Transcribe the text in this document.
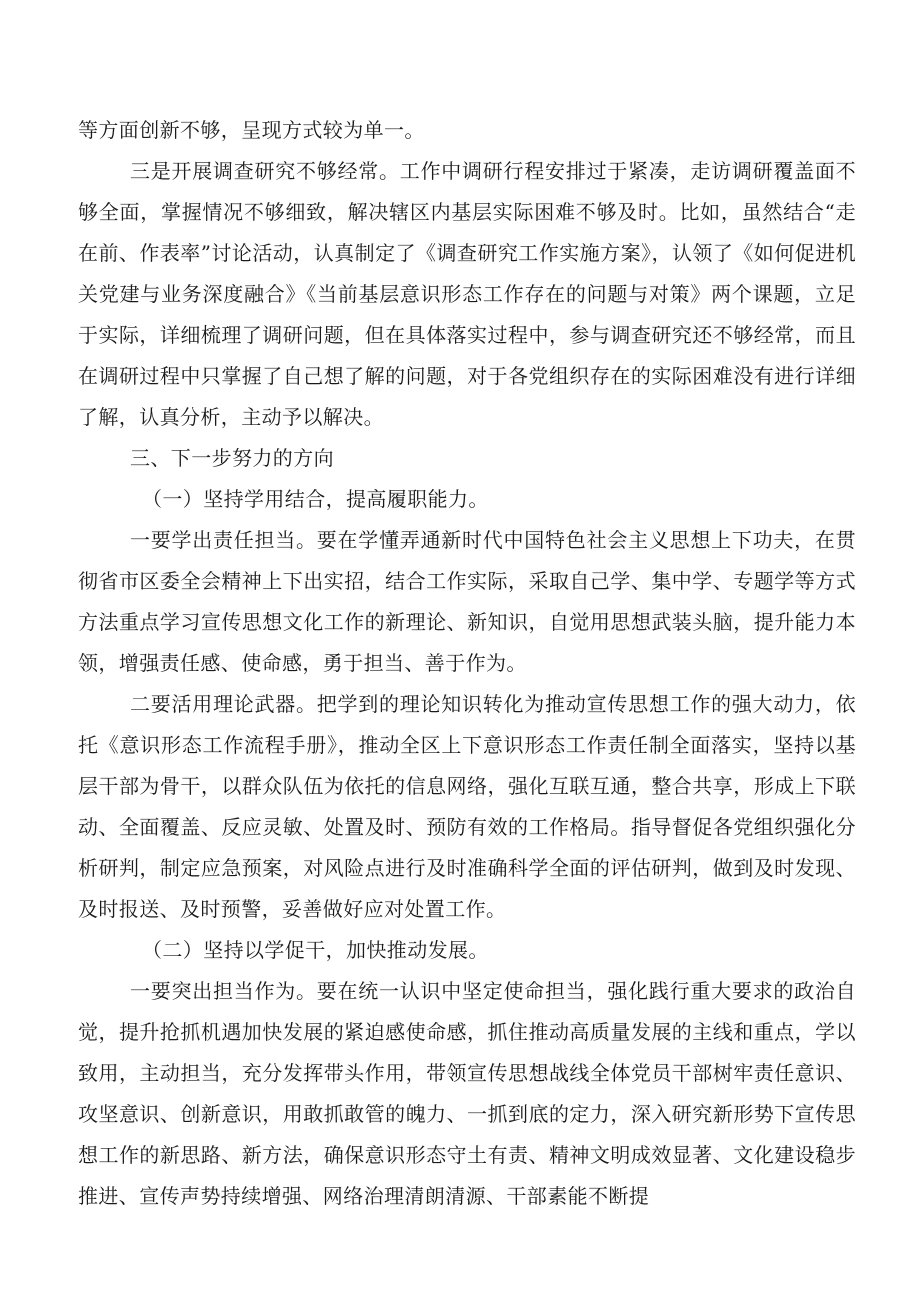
等方面创新不够，呈现方式较为单一。

三是开展调查研究不够经常。工作中调研行程安排过于紧凑，走访调研覆盖面不够全面，掌握情况不够细致，解决辖区内基层实际困难不够及时。比如，虽然结合“走在前、作表率”讨论活动，认真制定了《调查研究工作实施方案》，认领了《如何促进机关党建与业务深度融合》《当前基层意识形态工作存在的问题与对策》两个课题，立足于实际，详细梳理了调研问题，但在具体落实过程中，参与调查研究还不够经常，而且在调研过程中只掌握了自己想了解的问题，对于各党组织存在的实际困难没有进行详细了解，认真分析，主动予以解决。

三、下一步努力的方向

（一）坚持学用结合，提高履职能力。

一要学出责任担当。要在学懂弄通新时代中国特色社会主义思想上下功夫，在贯彻省市区委全会精神上下出实招，结合工作实际，采取自己学、集中学、专题学等方式方法重点学习宣传思想文化工作的新理论、新知识，自觉用思想武装头脑，提升能力本领，增强责任感、使命感，勇于担当、善于作为。

二要活用理论武器。把学到的理论知识转化为推动宣传思想工作的强大动力，依托《意识形态工作流程手册》，推动全区上下意识形态工作责任制全面落实，坚持以基层干部为骨干，以群众队伍为依托的信息网络，强化互联互通，整合共享，形成上下联动、全面覆盖、反应灵敏、处置及时、预防有效的工作格局。指导督促各党组织强化分析研判，制定应急预案，对风险点进行及时准确科学全面的评估研判，做到及时发现、及时报送、及时预警，妥善做好应对处置工作。

（二）坚持以学促干，加快推动发展。

一要突出担当作为。要在统一认识中坚定使命担当，强化践行重大要求的政治自觉，提升抢抓机遇加快发展的紧迫感使命感，抓住推动高质量发展的主线和重点，学以致用，主动担当，充分发挥带头作用，带领宣传思想战线全体党员干部树牢责任意识、攻坚意识、创新意识，用敢抓敢管的魄力、一抓到底的定力，深入研究新形势下宣传思想工作的新思路、新方法，确保意识形态守土有责、精神文明成效显著、文化建设稳步推进、宣传声势持续增强、网络治理清朗清源、干部素能不断提
